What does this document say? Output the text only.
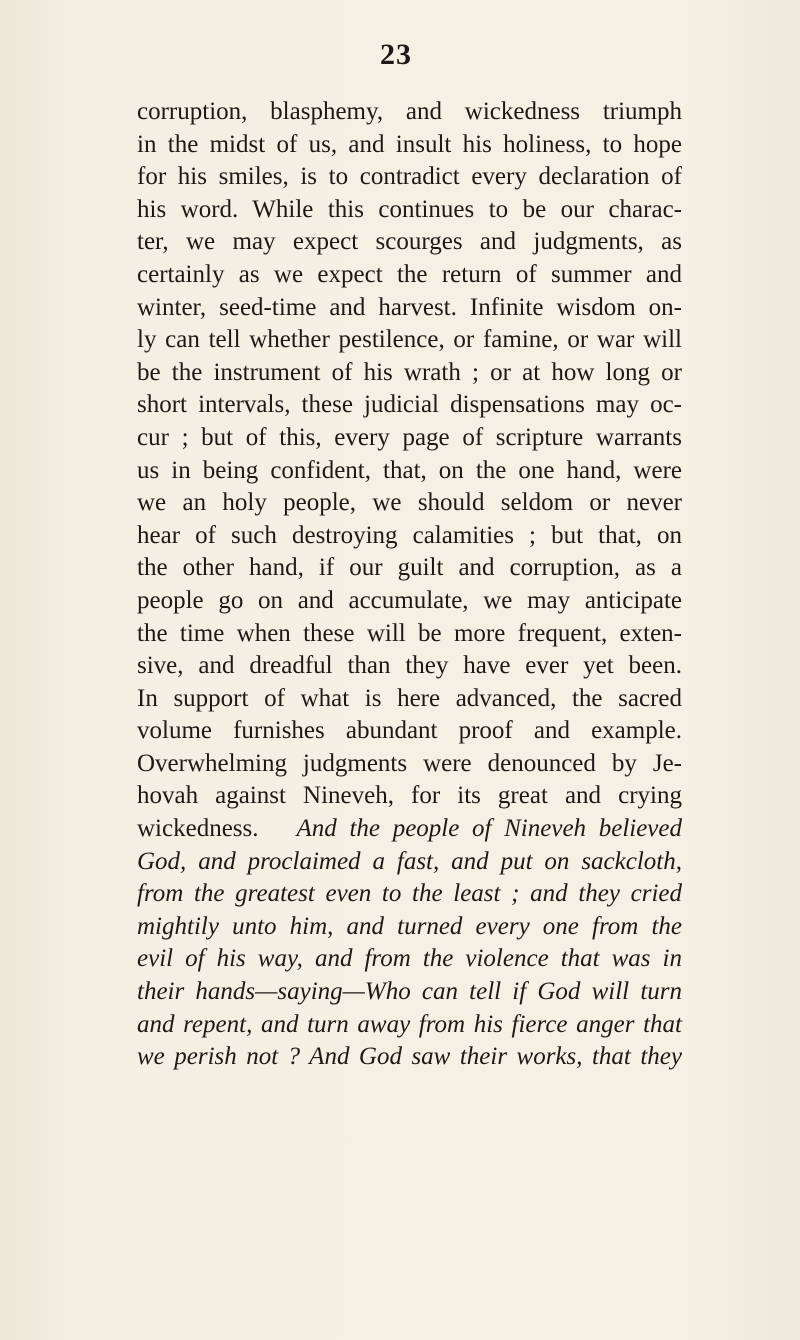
23
corruption, blasphemy, and wickedness triumph
in the midst of us, and insult his holiness, to hope
for his smiles, is to contradict every declaration of
his word. While this continues to be our charac-
ter, we may expect scourges and judgments, as
certainly as we expect the return of summer and
winter, seed-time and harvest. Infinite wisdom on-
ly can tell whether pestilence, or famine, or war will
be the instrument of his wrath ; or at how long or
short intervals, these judicial dispensations may oc-
cur ; but of this, every page of scripture warrants
us in being confident, that, on the one hand, were
we an holy people, we should seldom or never
hear of such destroying calamities ; but that, on
the other hand, if our guilt and corruption, as a
people go on and accumulate, we may anticipate
the time when these will be more frequent, exten-
sive, and dreadful than they have ever yet been.
In support of what is here advanced, the sacred
volume furnishes abundant proof and example.
Overwhelming judgments were denounced by Je-
hovah against Nineveh, for its great and crying
wickedness. And the people of Nineveh believed
God, and proclaimed a fast, and put on sackcloth,
from the greatest even to the least ; and they cried
mightily unto him, and turned every one from the
evil of his way, and from the violence that was in
their hands—saying—Who can tell if God will turn
and repent, and turn away from his fierce anger that
we perish not ? And God saw their works, that they
